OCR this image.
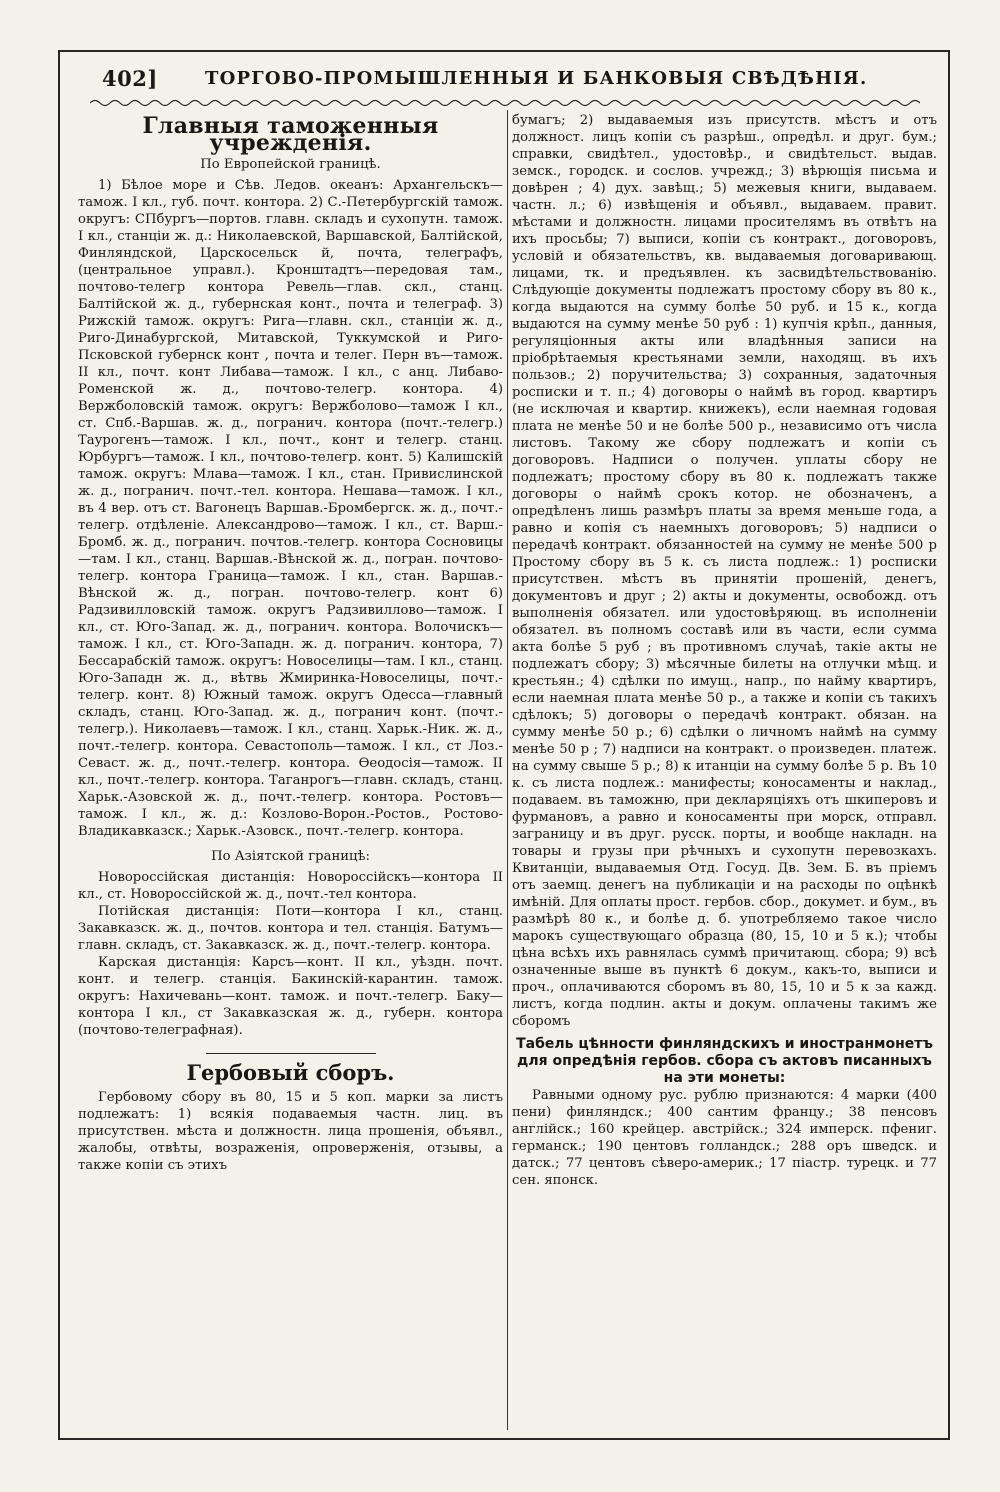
402]	ТОРГОВО-ПРОМЫШЛЕННЫЯ И БАНКОВЫЯ СВѢДѢНІЯ.
Главныя таможенныя учрежденія.
По Европейской границѣ.

1) Бѣлое море и Сѣв. Ледов. океанъ: Архангельскъ—тамож. I кл., губ. почт. контора. 2) С.-Петербургскій тамож. округъ: СПбургъ—портов. главн. складъ и сухопутн. тамож. I кл., станціи ж. д.: Николаевской, Варшавской, Балтійской, Финляндской, Царскосельск й, почта, телеграфъ, (центральное управл.). Кронштадтъ—передовая там., почтово-телегр контора Ревель—глав. скл., станц. Балтійской ж. д., губернская конт., почта и телеграф. 3) Рижскій тамож. округъ: Рига—главн. скл., станціи ж. д., Риго-Динабургской, Митавской, Туккумской и Риго-Псковской губернск конт , почта и телег. Перн въ—тамож. II кл., почт. конт Либава—тамож. I кл., с анц. Либаво-Роменской ж. д., почтово-телегр. контора. 4) Вержболовскій тамож. округъ: Вержболово—тамож I кл., ст. Спб.-Варшав. ж. д., погранич. контора (почт.-телегр.) Таурогенъ—тамож. I кл., почт., конт и телегр. станц. Юрбургъ—тамож. I кл., почтово-телегр. конт. 5) Калишскій тамож. округъ: Млава—тамож. I кл., стан. Привислинской ж. д., погранич. почт.-тел. контора. Нешава—тамож. I кл., въ 4 вер. отъ ст. Вагонецъ Варшав.-Бромбергск. ж. д., почт.-телегр. отдѣленіе. Александрово—тамож. I кл., ст. Варш.-Бромб. ж. д., погранич. почтов.-телегр. контора Сосновицы—там. I кл., станц. Варшав.-Вѣнской ж. д., погран. почтово-телегр. контора Граница—тамож. I кл., стан. Варшав.-Вѣнской ж. д., погран. почтово-телегр. конт 6) Радзивилловскій тамож. округъ Радзивиллово—тамож. I кл., ст. Юго-Запад. ж. д., погранич. контора. Волочискъ—тамож. I кл., ст. Юго-Западн. ж. д. погранич. контора, 7) Бессарабскій тамож. округъ: Новоселицы—там. I кл., станц. Юго-Западн ж. д., вѣтвь Жмиринка-Новоселицы, почт.-телегр. конт. 8) Южный тамож. округъ Одесса—главный складъ, станц. Юго-Запад. ж. д., погранич конт. (почт.-телегр.). Николаевъ—тамож. I кл., станц. Харьк.-Ник. ж. д., почт.-телегр. контора. Севастополь—тамож. I кл., ст Лоз.-Севаст. ж. д., почт.-телегр. контора. Ѳеодосія—тамож. II кл., почт.-телегр. контора. Таганрогъ—главн. складъ, станц. Харьк.-Азовской ж. д., почт.-телегр. контора. Ростовъ—тамож. I кл., ж. д.: Козлово-Ворон.-Ростов., Ростово-Владикавказск.; Харьк.-Азовск., почт.-телегр. контора.

По Азіятской границѣ:

Новороссійская дистанція: Новороссійскъ—контора II кл., ст. Новороссійской ж. д., почт.-тел контора.

Потійская дистанція: Поти—контора I кл., станц. Закавказск. ж. д., почтов. контора и тел. станція. Батумъ—главн. складъ, ст. Закавказск. ж. д., почт.-телегр. контора.

Карская дистанція: Карсъ—конт. II кл., уѣздн. почт. конт. и телегр. станція. Бакинскій-карантин. тамож. округъ: Нахичевань—конт. тамож. и почт.-телегр. Баку—контора I кл., ст Закавказская ж. д., губерн. контора (почтово-телеграфная).

Гербовый сборъ.

Гербовому сбору въ 80, 15 и 5 коп. марки за листъ подлежатъ: 1) всякія подаваемыя частн. лиц. въ присутствен. мѣста и должностн. лица прошенія, объявл., жалобы, отвѣты, возраженія, опроверженія, отзывы, а также копіи съ этихъ

бумагъ; 2) выдаваемыя изъ присутств. мѣстъ и отъ должност. лицъ копіи съ разрѣш., опредѣл. и друг. бум.; справки, свидѣтел., удостовѣр., и свидѣтельст. выдав. земск., городск. и сослов. учрежд.; 3) вѣрющія письма и довѣрен ; 4) дух. завѣщ.; 5) межевыя книги, выдаваем. частн. л.; 6) извѣщенія и объявл., выдаваем. правит. мѣстами и должностн. лицами просителямъ въ отвѣтъ на ихъ просьбы; 7) выписи, копіи съ контракт., договоровъ, условій и обязательствъ, кв. выдаваемыя договаривающ. лицами, тк. и предъявлен. къ засвидѣтельствованію. Слѣдующіе документы подлежатъ простому сбору въ 80 к., когда выдаются на сумму болѣе 50 руб. и 15 к., когда выдаются на сумму менѣе 50 руб : 1) купчія крѣп., данныя, регуляціонныя акты или владѣнныя записи на пріобрѣтаемыя крестьянами земли, находящ. въ ихъ пользов.; 2) поручительства; 3) сохранныя, задаточныя росписки и т. п.; 4) договоры о наймѣ въ город. квартиръ (не исключая и квартир. книжекъ), если наемная годовая плата не менѣе 50 и не болѣе 500 р., независимо отъ числа листовъ. Такому же сбору подлежатъ и копіи съ договоровъ. Надписи о получен. уплаты сбору не подлежатъ; простому сбору въ 80 к. подлежатъ также договоры о наймѣ срокъ котор. не обозначенъ, а опредѣленъ лишь размѣръ платы за время меньше года, а равно и копія съ наемныхъ договоровъ; 5) надписи о передачѣ контракт. обязанностей на сумму не менѣе 500 р Простому сбору въ 5 к. съ листа подлеж.: 1) росписки присутствен. мѣстъ въ принятіи прошеній, денегъ, документовъ и друг ; 2) акты и документы, освобожд. отъ выполненія обязател. или удостовѣряющ. въ исполненіи обязател. въ полномъ составѣ или въ части, если сумма акта болѣе 5 руб ; въ противномъ случаѣ, такіе акты не подлежатъ сбору; 3) мѣсячные билеты на отлучки мѣщ. и крестьян.; 4) сдѣлки по имущ., напр., по найму квартиръ, если наемная плата менѣе 50 р., а также и копіи съ такихъ сдѣлокъ; 5) договоры о передачѣ контракт. обязан. на сумму менѣе 50 р.; 6) сдѣлки о личномъ наймѣ на сумму менѣе 50 р ; 7) надписи на контракт. о произведен. платеж. на сумму свыше 5 р.; 8) к итанціи на сумму болѣе 5 р. Въ 10 к. съ листа подлеж.: манифесты; коносаменты и наклад., подаваем. въ таможню, при декларяціяхъ отъ шкиперовъ и фурмановъ, а равно и коносаменты при морск, отправл. заграницу и въ друг. русск. порты, и вообще накладн. на товары и грузы при рѣчныхъ и сухопутн перевозкахъ. Квитанціи, выдаваемыя Отд. Госуд. Дв. Зем. Б. въ пріемъ отъ заемщ. денегъ на публикаціи и на расходы по оцѣнкѣ имѣній. Для оплаты прост. гербов. сбор., докумет. и бум., въ размѣрѣ 80 к., и болѣе д. б. употребляемо такое число марокъ существующаго образца (80, 15, 10 и 5 к.); чтобы цѣна всѣхъ ихъ равнялась суммѣ причитающ. сбора; 9) всѣ означенные выше въ пунктѣ 6 докум., какъ-то, выписи и проч., оплачиваются сборомъ въ 80, 15, 10 и 5 к за кажд. листъ, когда подлин. акты и докум. оплачены такимъ же сборомъ

Табель цѣнности финляндскихъ и иностранмонетъ для опредѣнія гербов. сбора съ актовъ писанныхъ на эти монеты:

Равными одному рус. рублю признаются: 4 марки (400 пени) финляндск.; 400 сантим францу.; 38 пенсовъ англійск.; 160 крейцер. австрійск.; 324 имперск. пфениг. германск.; 190 центовъ голландск.; 288 оръ шведск. и датск.; 77 центовъ сѣверо-америк.; 17 піастр. турецк. и 77 сен. японск.
